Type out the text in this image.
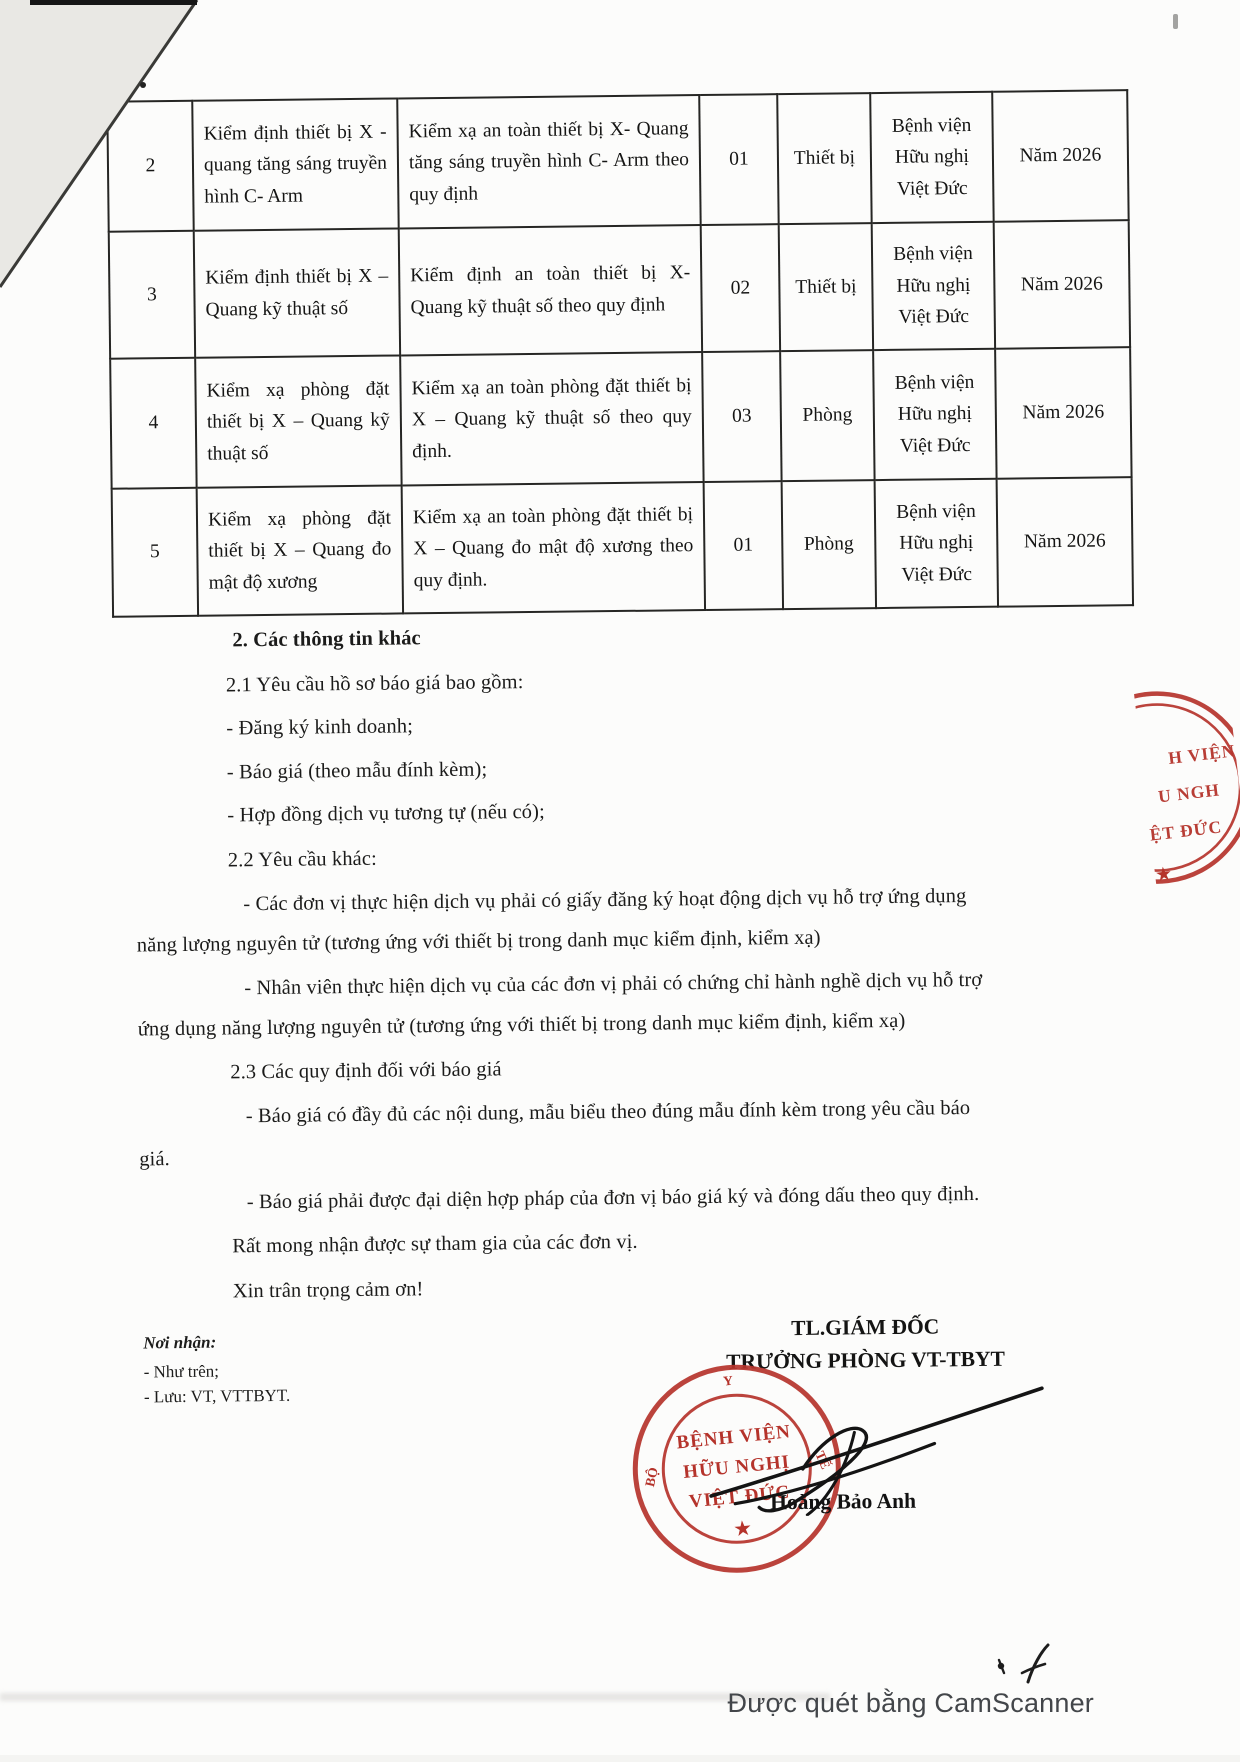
2	Kiểm định thiết bị X - quang tăng sáng truyền hình C- Arm	Kiểm xạ an toàn thiết bị X- Quang tăng sáng truyền hình C- Arm theo quy định	01	Thiết bị	Bệnh viện Hữu nghị Việt Đức	Năm 2026
3	Kiểm định thiết bị X – Quang kỹ thuật số	Kiểm định an toàn thiết bị X- Quang kỹ thuật số theo quy định	02	Thiết bị	Bệnh viện Hữu nghị Việt Đức	Năm 2026
4	Kiểm xạ phòng đặt thiết bị X – Quang kỹ thuật số	Kiểm xạ an toàn phòng đặt thiết bị X – Quang kỹ thuật số theo quy định.	03	Phòng	Bệnh viện Hữu nghị Việt Đức	Năm 2026
5	Kiểm xạ phòng đặt thiết bị X – Quang đo mật độ xương	Kiểm xạ an toàn phòng đặt thiết bị X – Quang đo mật độ xương theo quy định.	01	Phòng	Bệnh viện Hữu nghị Việt Đức	Năm 2026
2. Các thông tin khác
2.1 Yêu cầu hồ sơ báo giá bao gồm:
- Đăng ký kinh doanh;
- Báo giá (theo mẫu đính kèm);
- Hợp đồng dịch vụ tương tự (nếu có);
2.2 Yêu cầu khác:
- Các đơn vị thực hiện dịch vụ phải có giấy đăng ký hoạt động dịch vụ hỗ trợ ứng dụng
năng lượng nguyên tử (tương ứng với thiết bị trong danh mục kiểm định, kiểm xạ)
- Nhân viên thực hiện dịch vụ của các đơn vị phải có chứng chỉ hành nghề dịch vụ hỗ trợ
ứng dụng năng lượng nguyên tử (tương ứng với thiết bị trong danh mục kiểm định, kiểm xạ)
2.3 Các quy định đối với báo giá
- Báo giá có đầy đủ các nội dung, mẫu biểu theo đúng mẫu đính kèm trong yêu cầu báo
giá.
- Báo giá phải được đại diện hợp pháp của đơn vị báo giá ký và đóng dấu theo quy định.
Rất mong nhận được sự tham gia của các đơn vị.
Xin trân trọng cảm ơn!
Nơi nhận:
- Như trên;
- Lưu: VT, VTTBYT.
TL.GIÁM ĐỐC
TRƯỞNG PHÒNG VT-TBYT
Y
BỘ
TẾ
BỆNH VIỆN
HỮU NGHỊ
VIỆT ĐỨC
★
Hoàng Bảo Anh
H VIỆN
U NGH
ỆT ĐỨC
★
Được quét bằng CamScanner
